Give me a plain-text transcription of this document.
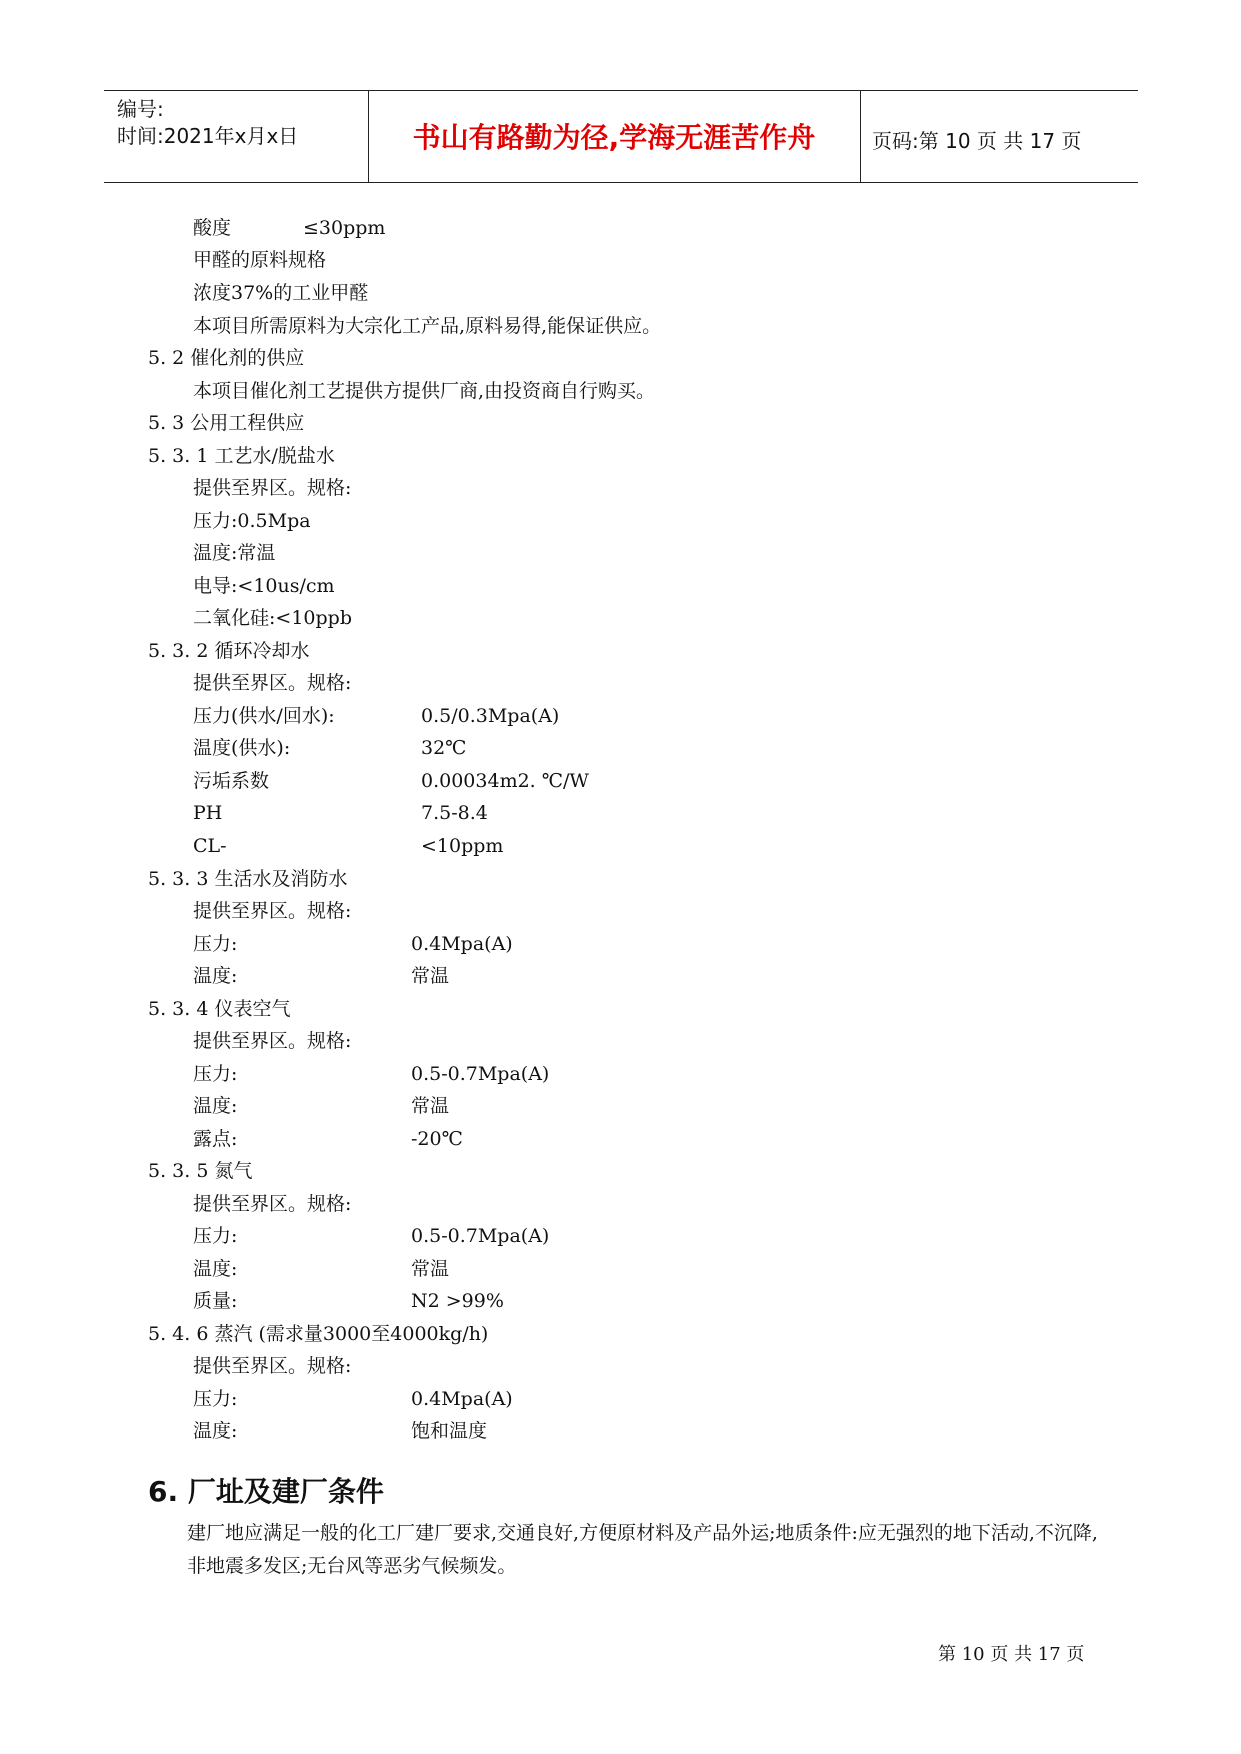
编号:
时间:2021年x月x日	书山有路勤为径,学海无涯苦作舟	页码:第 10 页 共 17 页
酸度	≤30ppm
甲醛的原料规格
浓度37%的工业甲醛
本项目所需原料为大宗化工产品,原料易得,能保证供应。
5. 2 催化剂的供应
本项目催化剂工艺提供方提供厂商,由投资商自行购买。
5. 3 公用工程供应
5. 3. 1 工艺水/脱盐水
提供至界区。规格:
压力:0.5Mpa
温度:常温
电导:<10us/cm
二氧化硅:<10ppb
5. 3. 2 循环冷却水
提供至界区。规格:
压力(供水/回水):	0.5/0.3Mpa(A)
温度(供水):	32℃
污垢系数	0.00034m2. ℃/W
PH	7.5-8.4
CL-	<10ppm
5. 3. 3 生活水及消防水
提供至界区。规格:
压力:	0.4Mpa(A)
温度:	常温
5. 3. 4 仪表空气
提供至界区。规格:
压力:	0.5-0.7Mpa(A)
温度:	常温
露点:	-20℃
5. 3. 5 氮气
提供至界区。规格:
压力:	0.5-0.7Mpa(A)
温度:	常温
质量:	N2 >99%
5. 4. 6 蒸汽 (需求量3000至4000kg/h)
提供至界区。规格:
压力:	0.4Mpa(A)
温度:	饱和温度
6. 厂址及建厂条件
建厂地应满足一般的化工厂建厂要求,交通良好,方便原材料及产品外运;地质条件:应无强烈的地下活动,不沉降,非地震多发区;无台风等恶劣气候频发。
第 10 页 共 17 页
